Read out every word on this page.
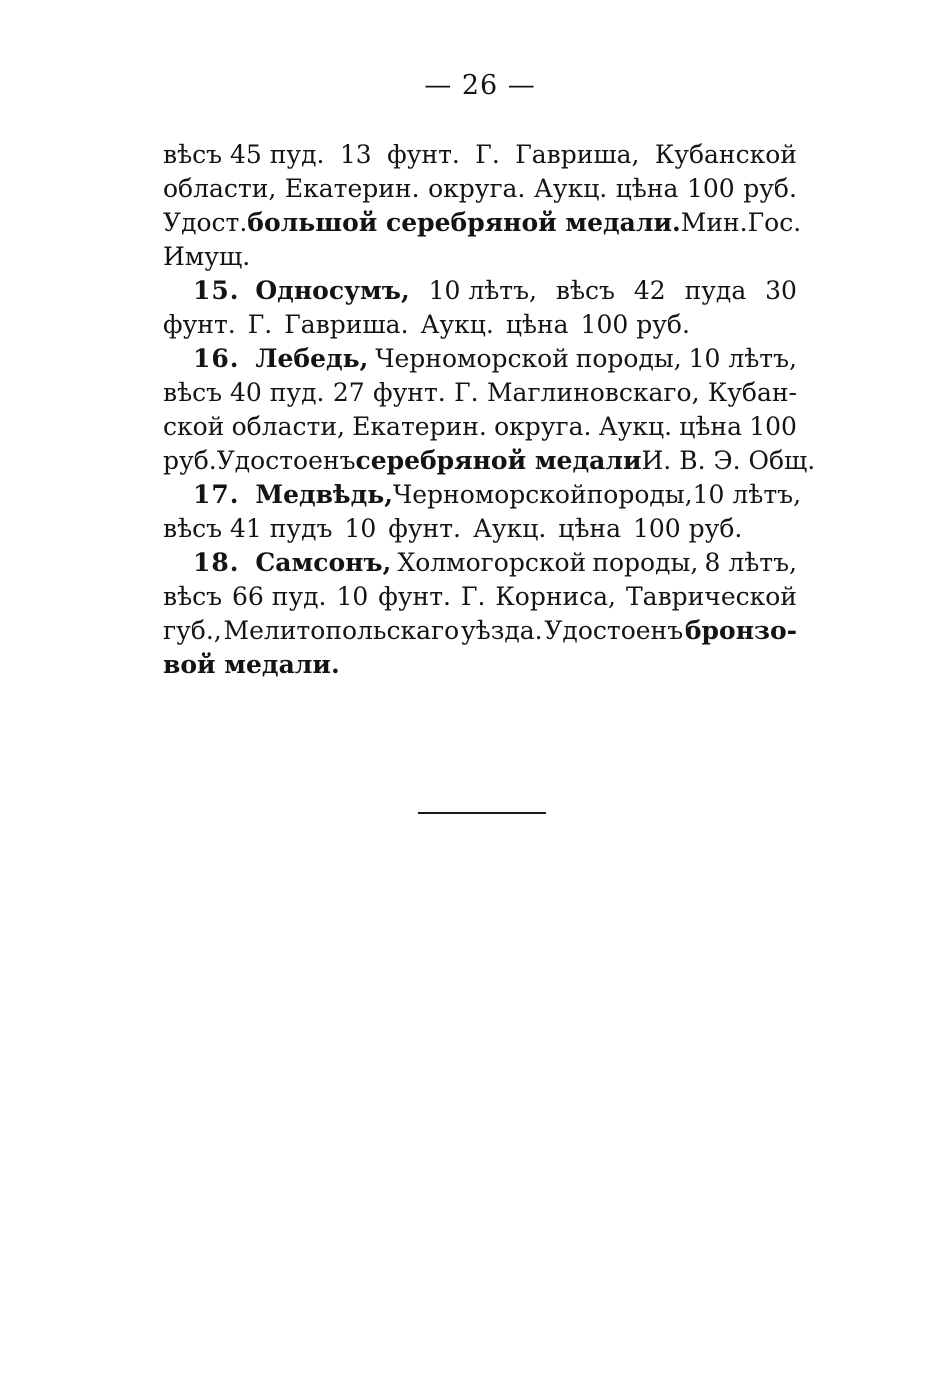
— 26 —
вѣсъ 45 пуд. 13 фунт. Г. Гавриша, Кубанской
области, Екатерин. округа. Аукц. цѣна 100 руб.
Удост. большой серебряной медали. Мин. Гос.
Имущ.
15. Односумъ, 10 лѣтъ, вѣсъ 42 пуда 30
фунт. Г. Гавриша. Аукц. цѣна 100 руб.
16. Лебедь, Черноморской породы, 10 лѣтъ,
вѣсъ 40 пуд. 27 фунт. Г. Маглиновскаго, Кубан-
ской области, Екатерин. округа. Аукц. цѣна 100
руб. Удостоенъ серебряной медали И. В. Э. Общ.
17. Медвѣдь, Черноморской породы, 10 лѣтъ,
вѣсъ 41 пудъ 10 фунт. Аукц. цѣна 100 руб.
18. Самсонъ, Холмогорской породы, 8 лѣтъ,
вѣсъ 66 пуд. 10 фунт. Г. Корниса, Таврической
губ., Мелитопольскаго уѣзда. Удостоенъ бронзо-
вой медали.
